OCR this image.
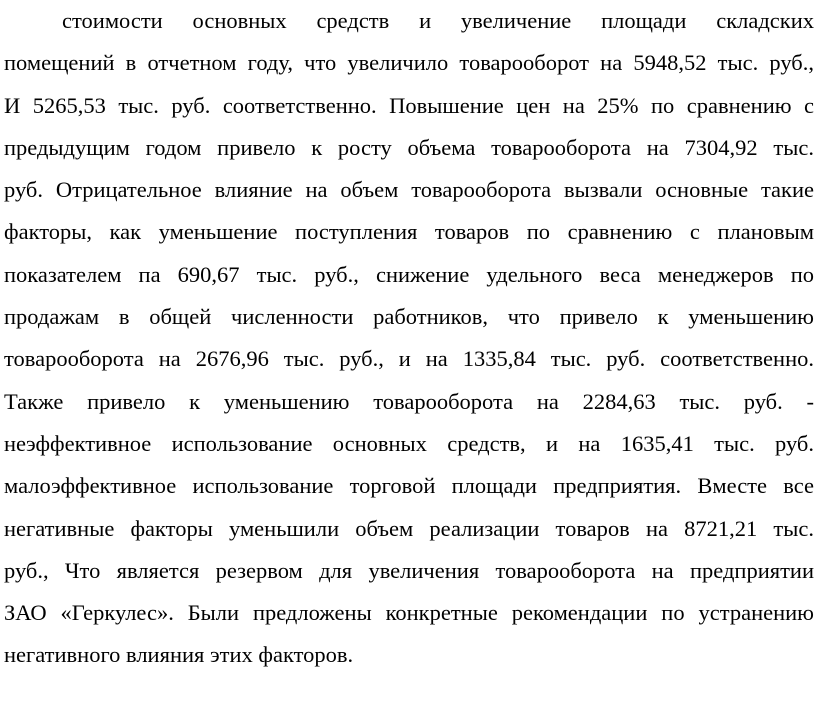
стоимости основных средств и увеличение площади складских
помещений в отчетном году, что увеличило товарооборот на 5948,52 тыс. руб.,
И 5265,53 тыс. руб. соответственно. Повышение цен на 25% по сравнению с
предыдущим годом привело к росту объема товарооборота на 7304,92 тыс.
руб. Отрицательное влияние на объем товарооборота вызвали основные такие
факторы, как уменьшение поступления товаров по сравнению с плановым
показателем па 690,67 тыс. руб., снижение удельного веса менеджеров по
продажам в общей численности работников, что привело к уменьшению
товарооборота на 2676,96 тыс. руб., и на 1335,84 тыс. руб. соответственно.
Также привело к уменьшению товарооборота на 2284,63 тыс. руб. -
неэффективное использование основных средств, и на 1635,41 тыс. руб.
малоэффективное использование торговой площади предприятия. Вместе все
негативные факторы уменьшили объем реализации товаров на 8721,21 тыс.
руб., Что является резервом для увеличения товарооборота на предприятии
ЗАО «Геркулес». Были предложены конкретные рекомендации по устранению
негативного влияния этих факторов.
